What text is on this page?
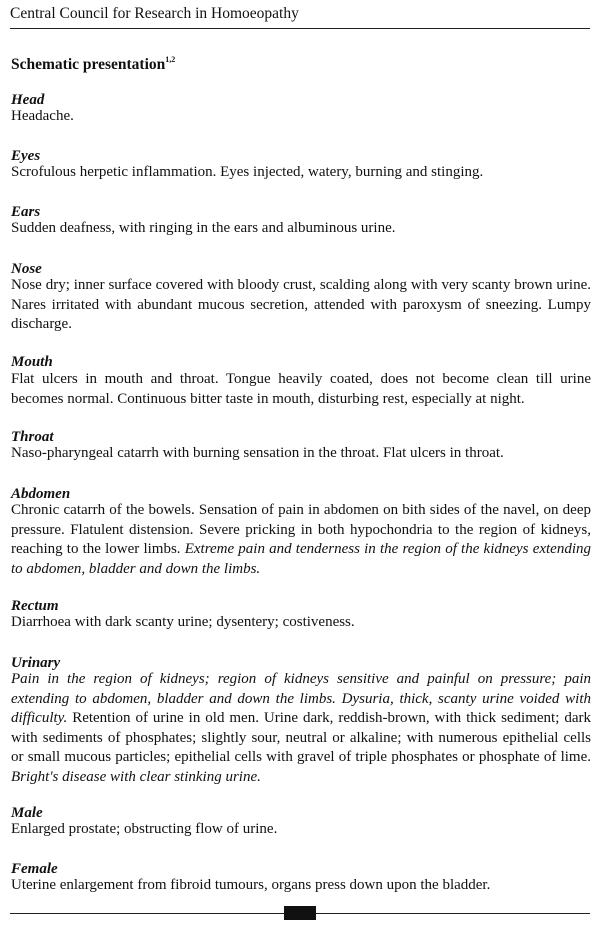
Central Council for Research in Homoeopathy
Schematic presentation$^{1,2}$
Head
Headache.
Eyes
Scrofulous herpetic inflammation. Eyes injected, watery, burning and stinging.
Ears
Sudden deafness, with ringing in the ears and albuminous urine.
Nose
Nose dry; inner surface covered with bloody crust, scalding along with very scanty brown urine. Nares irritated with abundant mucous secretion, attended with paroxysm of sneezing. Lumpy discharge.
Mouth
Flat ulcers in mouth and throat. Tongue heavily coated, does not become clean till urine becomes normal. Continuous bitter taste in mouth, disturbing rest, especially at night.
Throat
Naso-pharyngeal catarrh with burning sensation in the throat. Flat ulcers in throat.
Abdomen
Chronic catarrh of the bowels. Sensation of pain in abdomen on bith sides of the navel, on deep pressure. Flatulent distension. Severe pricking in both hypochondria to the region of kidneys, reaching to the lower limbs. Extreme pain and tenderness in the region of the kidneys extending to abdomen, bladder and down the limbs.
Rectum
Diarrhoea with dark scanty urine; dysentery; costiveness.
Urinary
Pain in the region of kidneys; region of kidneys sensitive and painful on pressure; pain extending to abdomen, bladder and down the limbs. Dysuria, thick, scanty urine voided with difficulty. Retention of urine in old men. Urine dark, reddish-brown, with thick sediment; dark with sediments of phosphates; slightly sour, neutral or alkaline; with numerous epithelial cells or small mucous particles; epithelial cells with gravel of triple phosphates or phosphate of lime. Bright's disease with clear stinking urine.
Male
Enlarged prostate; obstructing flow of urine.
Female
Uterine enlargement from fibroid tumours, organs press down upon the bladder.
